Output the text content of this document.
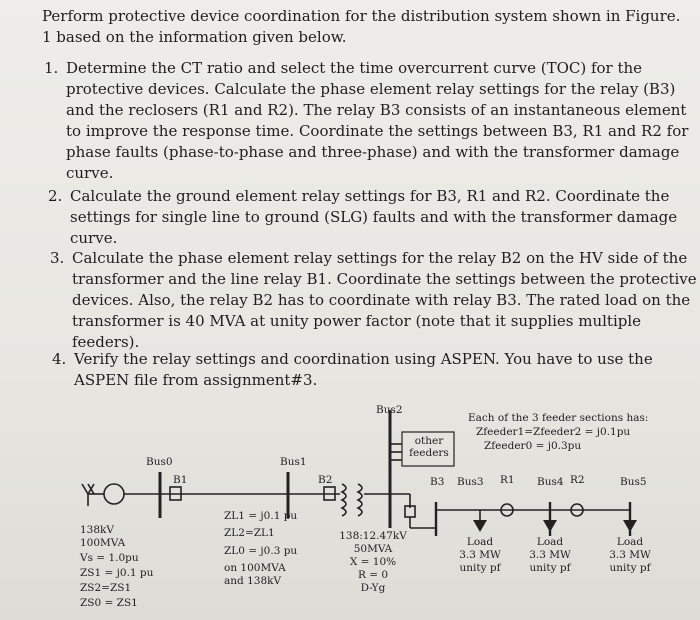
Perform protective device coordination for the distribution system shown in Figure. 1 based on the information given below.
1. Determine the CT ratio and select the time overcurrent curve (TOC) for the protective devices. Calculate the phase element relay settings for the relay (B3) and the reclosers (R1 and R2). The relay B3 consists of an instantaneous element to improve the response time. Coordinate the settings between B3, R1 and R2 for phase faults (phase-to-phase and three-phase) and with the transformer damage curve.
2. Calculate the ground element relay settings for B3, R1 and R2. Coordinate the settings for single line to ground (SLG) faults and with the transformer damage curve.
3. Calculate the phase element relay settings for the relay B2 on the HV side of the transformer and the line relay B1. Coordinate the settings between the protective devices. Also, the relay B2 has to coordinate with relay B3. The rated load on the transformer is 40 MVA at unity power factor (note that it supplies multiple feeders).
4. Verify the relay settings and coordination using ASPEN. You have to use the ASPEN file from assignment#3.
Bus0	Bus1
Bus2
Bus3	Bus4	Bus5
B1	B2	B3	R1	R2
other
feeders
Each of the 3 feeder sections has:
Zfeeder1=Zfeeder2 = j0.1pu
Zfeeder0 = j0.3pu
138kV
100MVA
Vs = 1.0pu
ZS1 = j0.1 pu
ZS2=ZS1
ZS0 = ZS1
ZL1 = j0.1 pu
ZL2=ZL1
ZL0 = j0.3 pu
on 100MVA
and 138kV
138:12.47kV
50MVA
X = 10%
R = 0
D-Yg
Load
3.3 MW
unity pf
Load
3.3 MW
unity pf
Load
3.3 MW
unity pf
